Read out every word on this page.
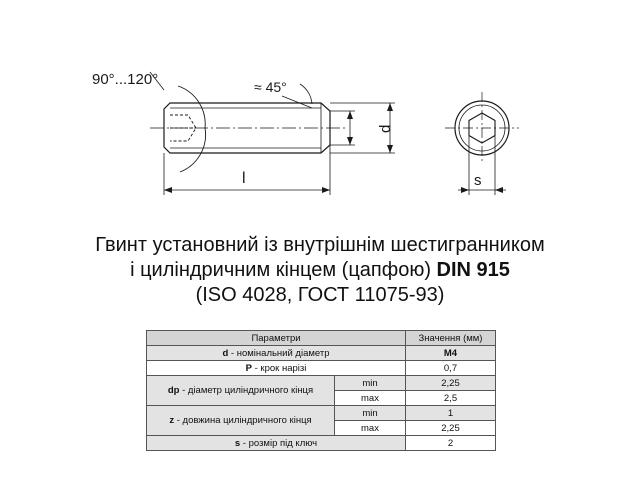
90°...120°	≈ 45°
l
d
s
Гвинт установний із внутрішнім шестигранником
і циліндричним кінцем (цапфою) DIN 915
(ISO 4028, ГОСТ 11075-93)
Параметри		Значення (мм)
d - номінальний діаметр		M4
P - крок нарізі		0,7
dp - діаметр циліндричного кінця	min	2,25
	max	2,5
z - довжина циліндричного кінця	min	1
	max	2,25
s - розмір під ключ		2
